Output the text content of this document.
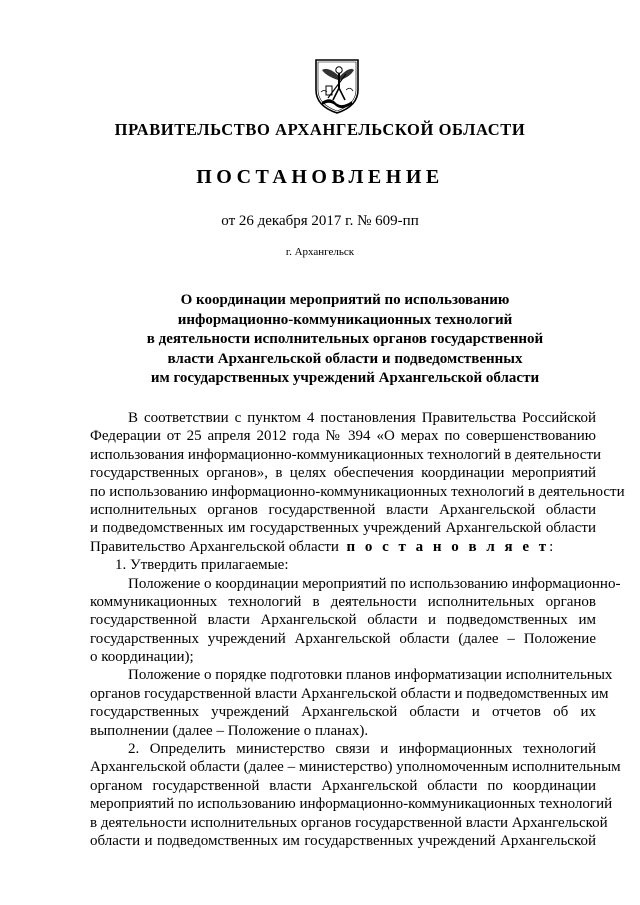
ПРАВИТЕЛЬСТВО АРХАНГЕЛЬСКОЙ ОБЛАСТИ
ПОСТАНОВЛЕНИЕ
от 26 декабря 2017 г. № 609-пп
г. Архангельск
О координации мероприятий по использованию
информационно-коммуникационных технологий
в деятельности исполнительных органов государственной
власти Архангельской области и подведомственных
им государственных учреждений Архангельской области
В соответствии с пунктом 4 постановления Правительства Российской
Федерации от 25 апреля 2012 года № 394 «О мерах по совершенствованию
использования информационно-коммуникационных технологий в деятельности
государственных органов», в целях обеспечения координации мероприятий
по использованию информационно-коммуникационных технологий в деятельности
исполнительных органов государственной власти Архангельской области
и подведомственных им государственных учреждений Архангельской области
Правительство Архангельской области п о с т а н о в л я е т:
1. Утвердить прилагаемые:
Положение о координации мероприятий по использованию информационно-
коммуникационных технологий в деятельности исполнительных органов
государственной власти Архангельской области и подведомственных им
государственных учреждений Архангельской области (далее – Положение
о координации);
Положение о порядке подготовки планов информатизации исполнительных
органов государственной власти Архангельской области и подведомственных им
государственных учреждений Архангельской области и отчетов об их
выполнении (далее – Положение о планах).
2. Определить министерство связи и информационных технологий
Архангельской области (далее – министерство) уполномоченным исполнительным
органом государственной власти Архангельской области по координации
мероприятий по использованию информационно-коммуникационных технологий
в деятельности исполнительных органов государственной власти Архангельской
области и подведомственных им государственных учреждений Архангельской
